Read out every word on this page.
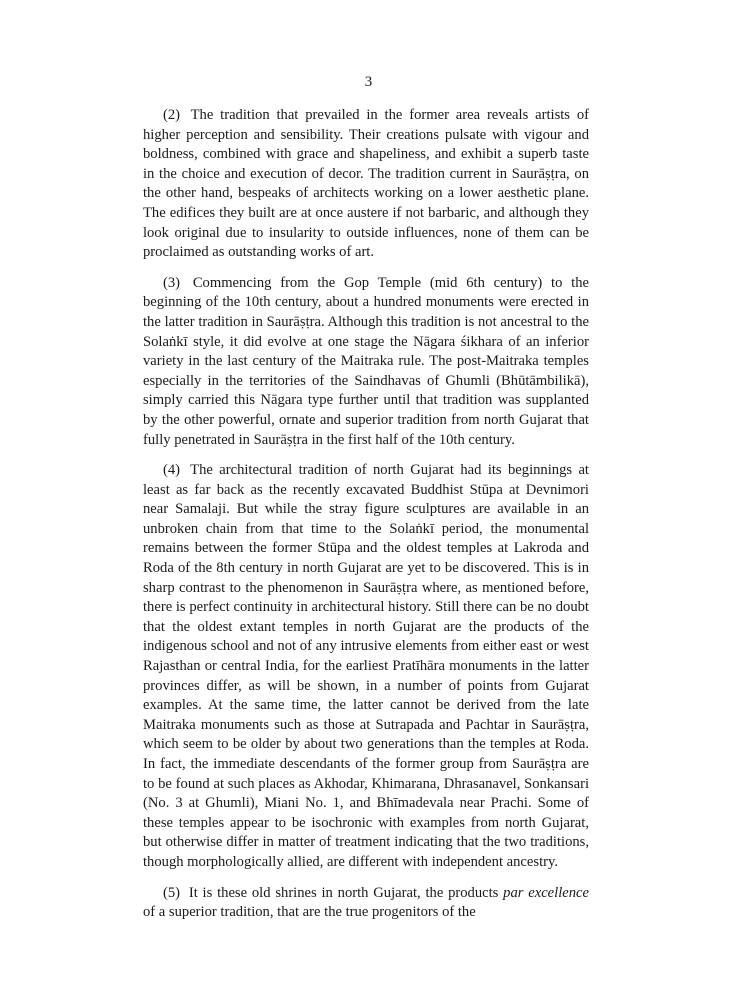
3

(2) The tradition that prevailed in the former area reveals artists of higher perception and sensibility. Their creations pulsate with vigour and boldness, combined with grace and shapeliness, and exhibit a superb taste in the choice and execution of decor. The tradition current in Saurāṣṭra, on the other hand, bespeaks of architects working on a lower aesthetic plane. The edifices they built are at once austere if not barbaric, and although they look original due to insularity to outside influences, none of them can be proclaimed as outstanding works of art.

(3) Commencing from the Gop Temple (mid 6th century) to the beginning of the 10th century, about a hundred monuments were erected in the latter tradition in Saurāṣṭra. Although this tradition is not ancestral to the Solaṅkī style, it did evolve at one stage the Nāgara śikhara of an inferior variety in the last century of the Maitraka rule. The post-Maitraka temples especially in the territories of the Saindhavas of Ghumli (Bhūtāmbilikā), simply carried this Nāgara type further until that tradition was supplanted by the other powerful, ornate and superior tradition from north Gujarat that fully penetrated in Saurāṣṭra in the first half of the 10th century.

(4) The architectural tradition of north Gujarat had its beginnings at least as far back as the recently excavated Buddhist Stūpa at Devnimori near Samalaji. But while the stray figure sculptures are available in an unbroken chain from that time to the Solaṅkī period, the monumental remains between the former Stūpa and the oldest temples at Lakroda and Roda of the 8th century in north Gujarat are yet to be discovered. This is in sharp contrast to the phenomenon in Saurāṣṭra where, as mentioned before, there is perfect continuity in architectural history. Still there can be no doubt that the oldest extant temples in north Gujarat are the products of the indigenous school and not of any intrusive elements from either east or west Rajasthan or central India, for the earliest Pratīhāra monuments in the latter provinces differ, as will be shown, in a number of points from Gujarat examples. At the same time, the latter cannot be derived from the late Maitraka monuments such as those at Sutrapada and Pachtar in Saurāṣṭra, which seem to be older by about two generations than the temples at Roda. In fact, the immediate descendants of the former group from Saurāṣṭra are to be found at such places as Akhodar, Khimarana, Dhrasanavel, Sonkansari (No. 3 at Ghumli), Miani No. 1, and Bhīmadevala near Prachi. Some of these temples appear to be isochronic with examples from north Gujarat, but otherwise differ in matter of treatment indicating that the two traditions, though morphologically allied, are different with independent ancestry.

(5) It is these old shrines in north Gujarat, the products par excellence of a superior tradition, that are the true progenitors of the
